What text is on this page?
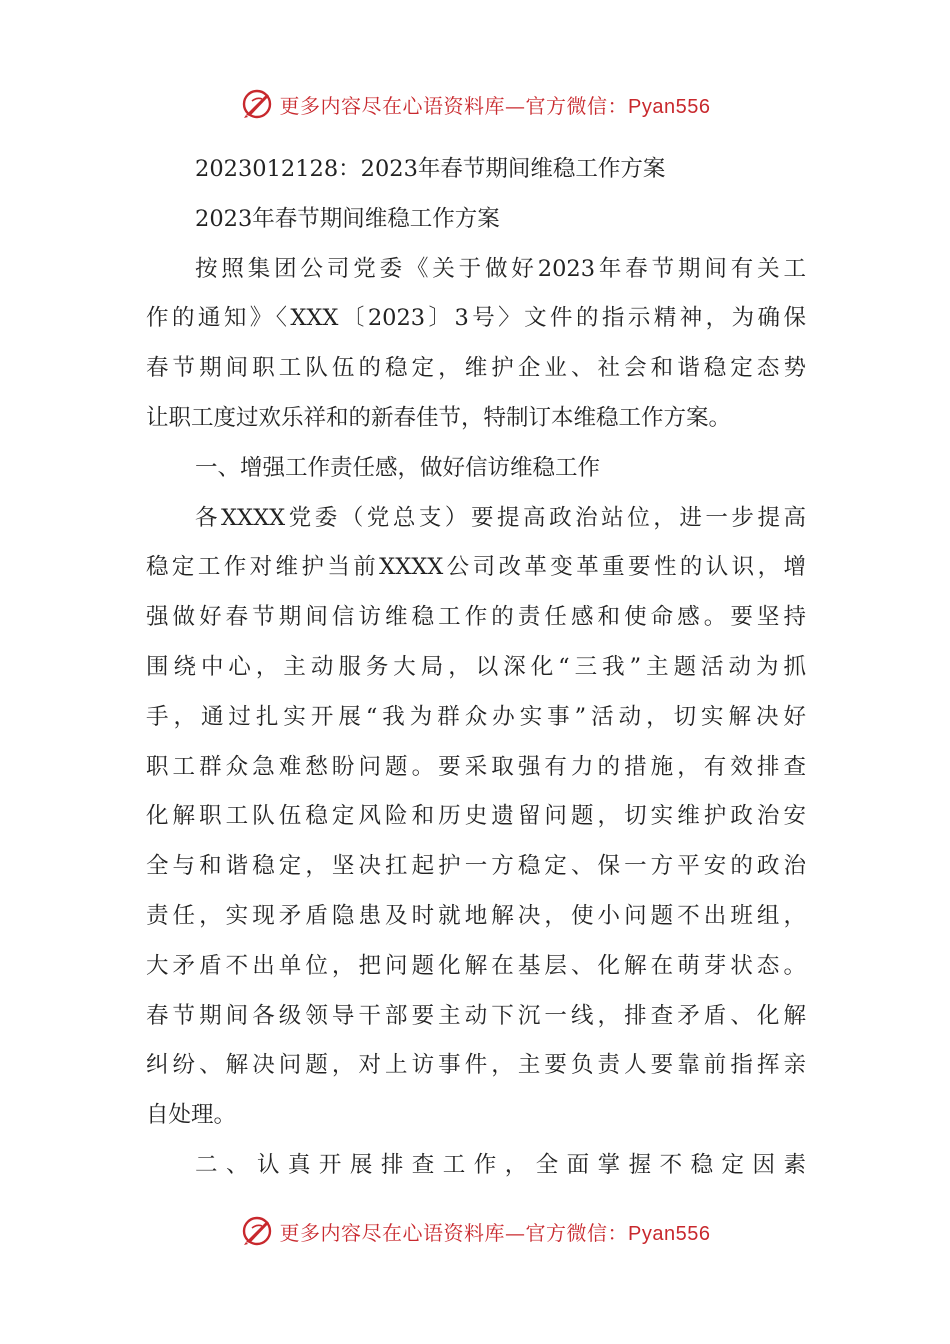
更多内容尽在心语资料库—官方微信：Pyan556
2023012128：2023年春节期间维稳工作方案
2023年春节期间维稳工作方案
按照集团公司党委《关于做好2023年春节期间有关工
作的通知》〈XXX〔2023〕3号〉文件的指示精神，为确保
春节期间职工队伍的稳定，维护企业、社会和谐稳定态势
让职工度过欢乐祥和的新春佳节，特制订本维稳工作方案。
一、增强工作责任感，做好信访维稳工作
各XXXX党委（党总支）要提高政治站位，进一步提高
稳定工作对维护当前XXXX公司改革变革重要性的认识，增
强做好春节期间信访维稳工作的责任感和使命感。要坚持
围绕中心，主动服务大局，以深化“三我”主题活动为抓
手，通过扎实开展“我为群众办实事”活动，切实解决好
职工群众急难愁盼问题。要采取强有力的措施，有效排查
化解职工队伍稳定风险和历史遗留问题，切实维护政治安
全与和谐稳定，坚决扛起护一方稳定、保一方平安的政治
责任，实现矛盾隐患及时就地解决，使小问题不出班组，
大矛盾不出单位，把问题化解在基层、化解在萌芽状态。
春节期间各级领导干部要主动下沉一线，排查矛盾、化解
纠纷、解决问题，对上访事件，主要负责人要靠前指挥亲
自处理。
二、认真开展排查工作，全面掌握不稳定因素
更多内容尽在心语资料库—官方微信：Pyan556
